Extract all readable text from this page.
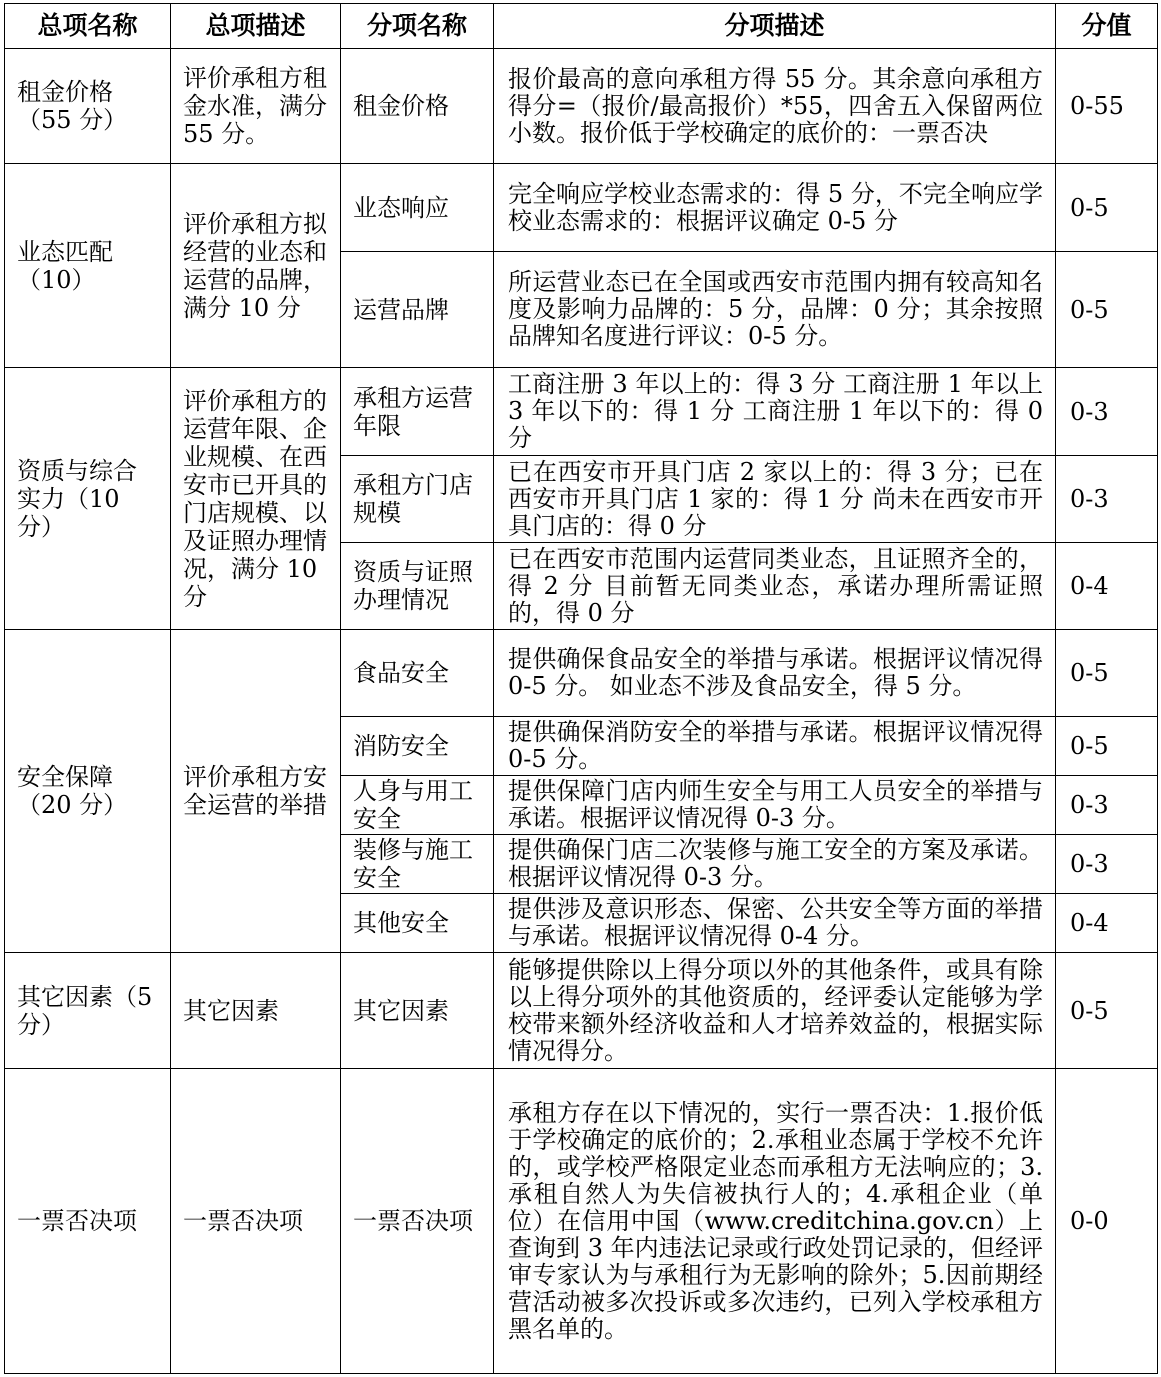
总项名称	总项描述	分项名称	分项描述	分值
租金价格（55 分）	评价承租方租金水准，满分 55 分。	租金价格	报价最高的意向承租方得 55 分。其余意向承租方得分=（报价/最高报价）*55，四舍五入保留两位小数。报价低于学校确定的底价的：一票否决	0-55
业态匹配（10）	评价承租方拟经营的业态和运营的品牌，满分 10 分	业态响应	完全响应学校业态需求的：得 5 分，不完全响应学校业态需求的：根据评议确定 0-5 分	0-5
		运营品牌	所运营业态已在全国或西安市范围内拥有较高知名度及影响力品牌的：5 分，品牌：0 分；其余按照品牌知名度进行评议：0-5 分。	0-5
资质与综合实力（10 分）	评价承租方的运营年限、企业规模、在西安市已开具的门店规模、以及证照办理情况，满分 10 分	承租方运营年限	工商注册 3 年以上的：得 3 分 工商注册 1 年以上 3 年以下的：得 1 分 工商注册 1 年以下的：得 0 分	0-3
		承租方门店规模	已在西安市开具门店 2 家以上的：得 3 分；已在西安市开具门店 1 家的：得 1 分 尚未在西安市开具门店的：得 0 分	0-3
		资质与证照办理情况	已在西安市范围内运营同类业态，且证照齐全的，得 2 分 目前暂无同类业态，承诺办理所需证照的，得 0 分	0-4
安全保障（20 分）	评价承租方安全运营的举措	食品安全	提供确保食品安全的举措与承诺。根据评议情况得 0-5 分。 如业态不涉及食品安全，得 5 分。	0-5
		消防安全	提供确保消防安全的举措与承诺。根据评议情况得 0-5 分。	0-5
		人身与用工安全	提供保障门店内师生安全与用工人员安全的举措与承诺。根据评议情况得 0-3 分。	0-3
		装修与施工安全	提供确保门店二次装修与施工安全的方案及承诺。根据评议情况得 0-3 分。	0-3
		其他安全	提供涉及意识形态、保密、公共安全等方面的举措与承诺。根据评议情况得 0-4 分。	0-4
其它因素（5 分）	其它因素	其它因素	能够提供除以上得分项以外的其他条件，或具有除以上得分项外的其他资质的，经评委认定能够为学校带来额外经济收益和人才培养效益的，根据实际情况得分。	0-5
一票否决项	一票否决项	一票否决项	承租方存在以下情况的，实行一票否决：1.报价低于学校确定的底价的；2.承租业态属于学校不允许的，或学校严格限定业态而承租方无法响应的；3.承租自然人为失信被执行人的；4.承租企业（单位）在信用中国（www.creditchina.gov.cn）上查询到 3 年内违法记录或行政处罚记录的，但经评审专家认为与承租行为无影响的除外；5.因前期经营活动被多次投诉或多次违约，已列入学校承租方黑名单的。	0-0
